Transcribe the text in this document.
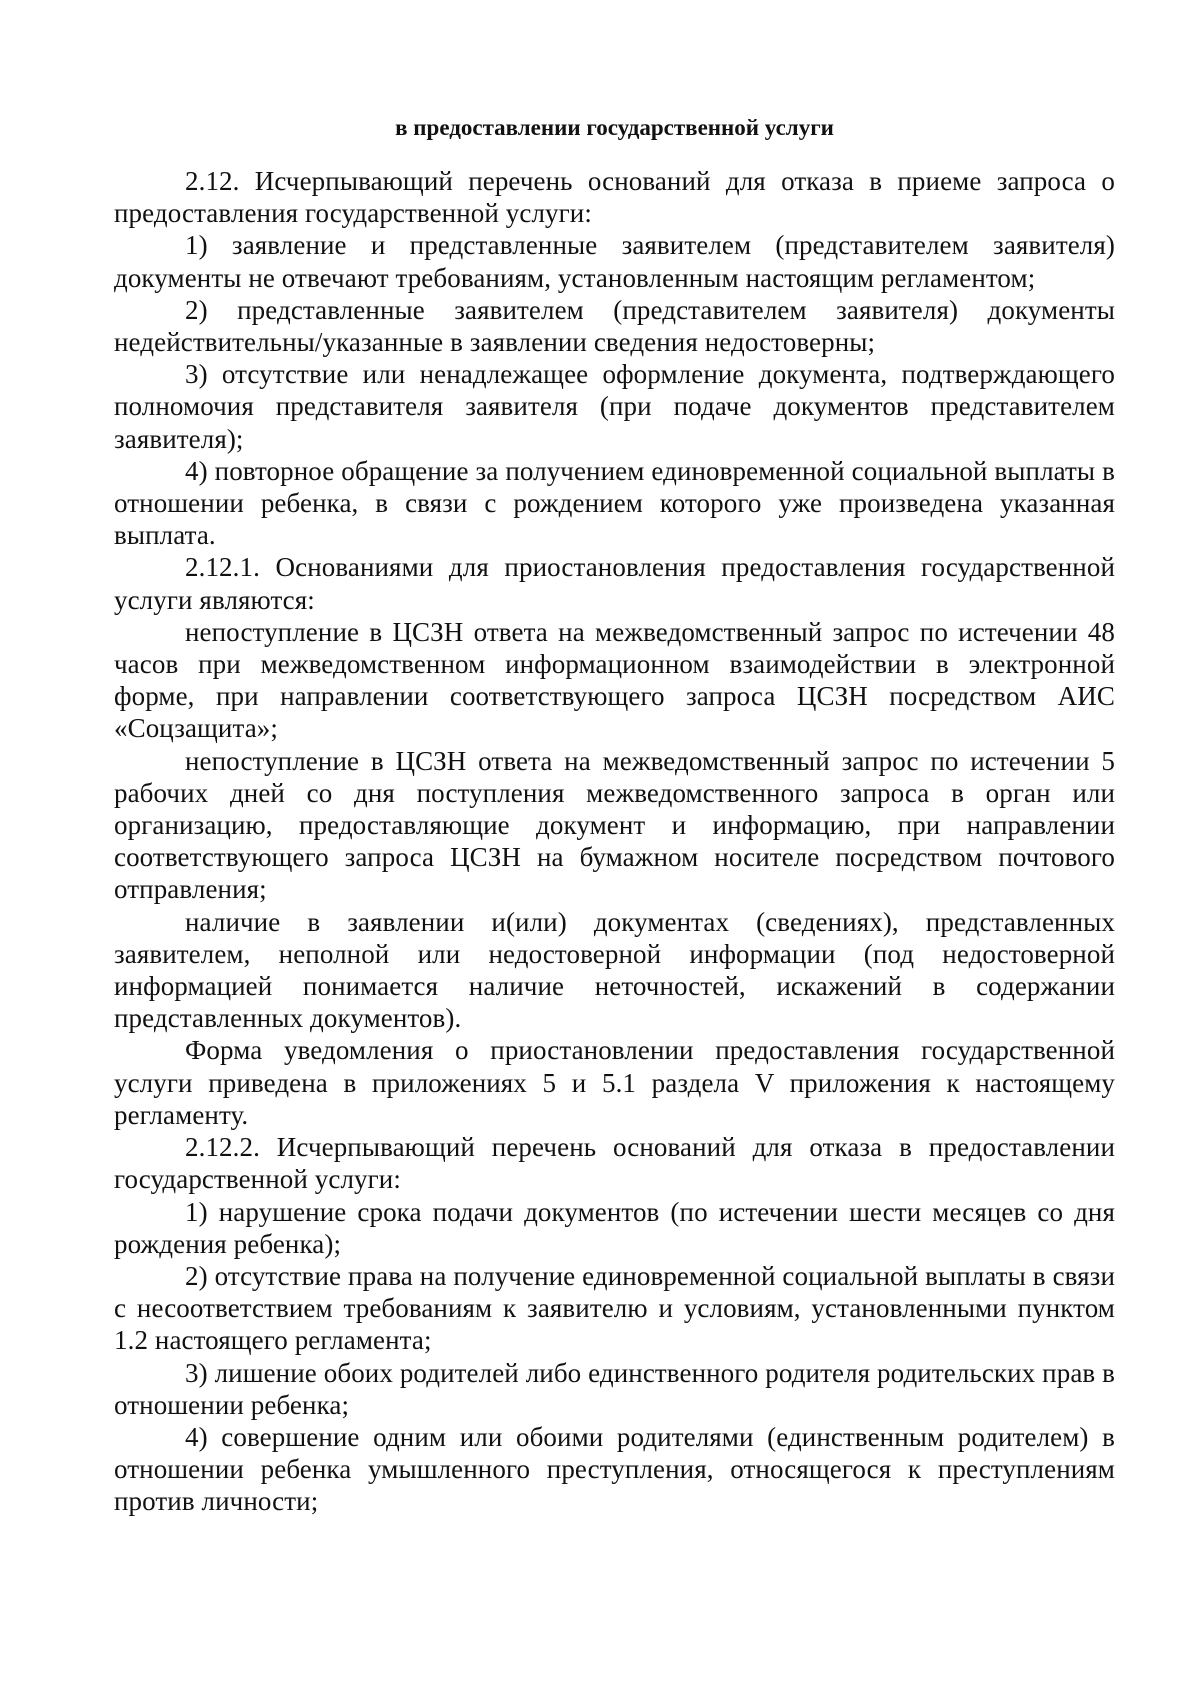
в предоставлении государственной услуги

2.12. Исчерпывающий перечень оснований для отказа в приеме запроса о предоставления государственной услуги:

1) заявление и представленные заявителем (представителем заявителя) документы не отвечают требованиям, установленным настоящим регламентом;

2) представленные заявителем (представителем заявителя) документы недействительны/указанные в заявлении сведения недостоверны;

3) отсутствие или ненадлежащее оформление документа, подтверждающего полномочия представителя заявителя (при подаче документов представителем заявителя);

4) повторное обращение за получением единовременной социальной выплаты в отношении ребенка, в связи с рождением которого уже произведена указанная выплата.

2.12.1. Основаниями для приостановления предоставления государственной услуги являются:

непоступление в ЦСЗН ответа на межведомственный запрос по истечении 48 часов при межведомственном информационном взаимодействии в электронной форме, при направлении соответствующего запроса ЦСЗН посредством АИС «Соцзащита»;

непоступление в ЦСЗН ответа на межведомственный запрос по истечении 5 рабочих дней со дня поступления межведомственного запроса в орган или организацию, предоставляющие документ и информацию, при направлении соответствующего запроса ЦСЗН на бумажном носителе посредством почтового отправления;

наличие в заявлении и(или) документах (сведениях), представленных заявителем, неполной или недостоверной информации (под недостоверной информацией понимается наличие неточностей, искажений в содержании представленных документов).

Форма уведомления о приостановлении предоставления государственной услуги приведена в приложениях 5 и 5.1 раздела V приложения к настоящему регламенту.

2.12.2. Исчерпывающий перечень оснований для отказа в предоставлении государственной услуги:

1) нарушение срока подачи документов (по истечении шести месяцев со дня рождения ребенка);

2) отсутствие права на получение единовременной социальной выплаты в связи с несоответствием требованиям к заявителю и условиям, установленными пунктом 1.2 настоящего регламента;

3) лишение обоих родителей либо единственного родителя родительских прав в отношении ребенка;

4) совершение одним или обоими родителями (единственным родителем) в отношении ребенка умышленного преступления, относящегося к преступлениям против личности;
